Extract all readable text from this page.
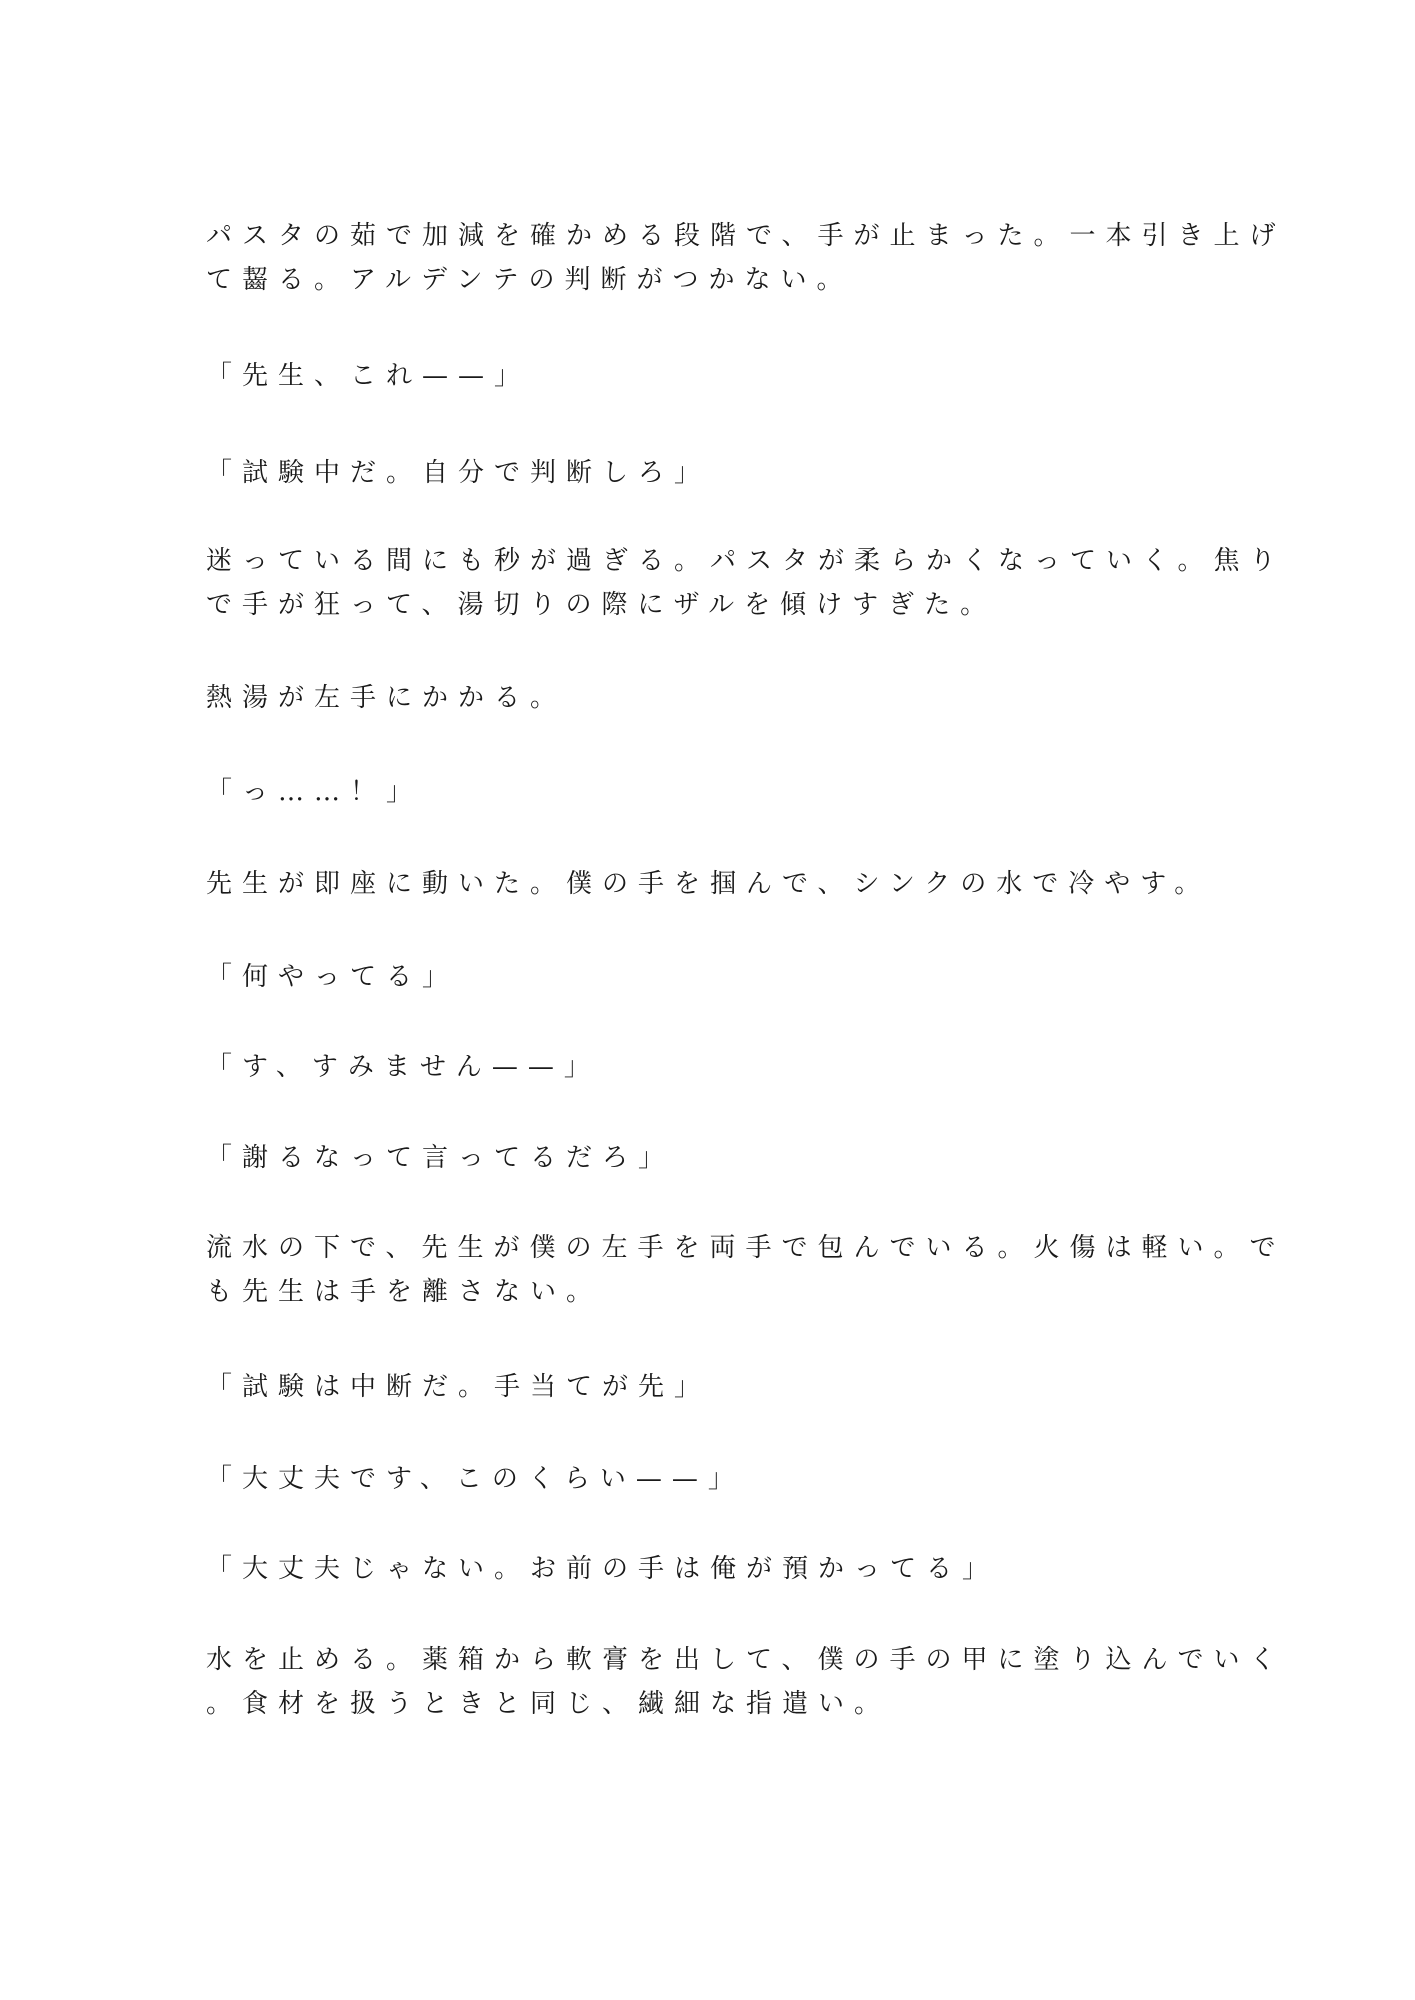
パスタの茹で加減を確かめる段階で、手が止まった。一本引き上げ
て齧る。アルデンテの判断がつかない。

「先生、これ——」

「試験中だ。自分で判断しろ」

迷っている間にも秒が過ぎる。パスタが柔らかくなっていく。焦り
で手が狂って、湯切りの際にザルを傾けすぎた。

熱湯が左手にかかる。

「っ……！」

先生が即座に動いた。僕の手を掴んで、シンクの水で冷やす。

「何やってる」

「す、すみません——」

「謝るなって言ってるだろ」

流水の下で、先生が僕の左手を両手で包んでいる。火傷は軽い。で
も先生は手を離さない。

「試験は中断だ。手当てが先」

「大丈夫です、このくらい——」

「大丈夫じゃない。お前の手は俺が預かってる」

水を止める。薬箱から軟膏を出して、僕の手の甲に塗り込んでいく
。食材を扱うときと同じ、繊細な指遣い。
